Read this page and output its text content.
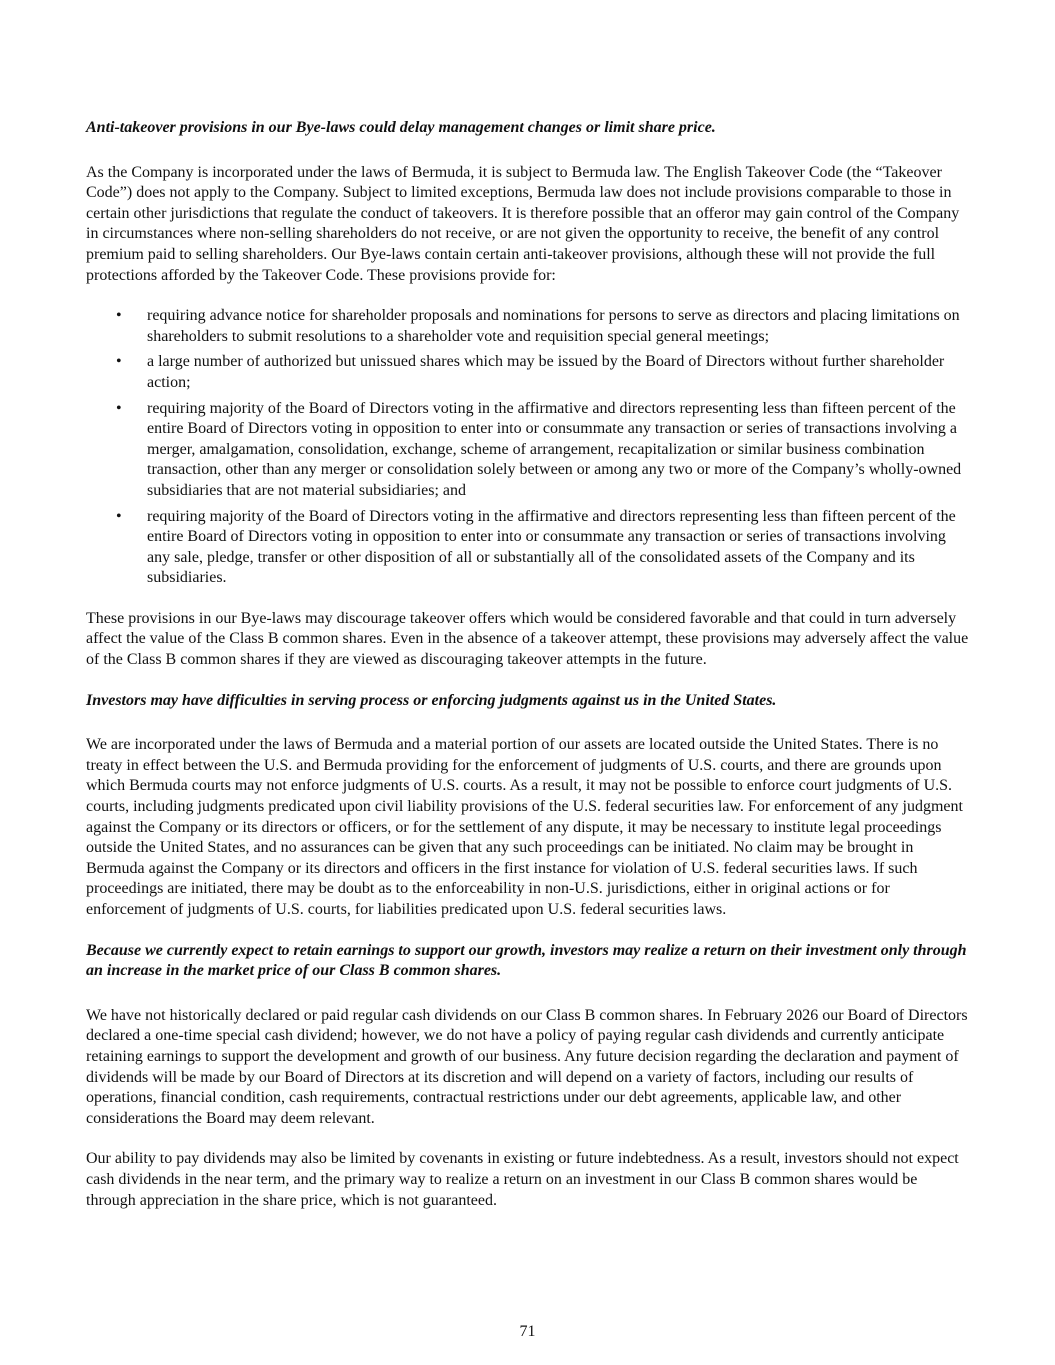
Anti-takeover provisions in our Bye-laws could delay management changes or limit share price.

As the Company is incorporated under the laws of Bermuda, it is subject to Bermuda law. The English Takeover Code (the “Takeover Code”) does not apply to the Company. Subject to limited exceptions, Bermuda law does not include provisions comparable to those in certain other jurisdictions that regulate the conduct of takeovers. It is therefore possible that an offeror may gain control of the Company in circumstances where non-selling shareholders do not receive, or are not given the opportunity to receive, the benefit of any control premium paid to selling shareholders. Our Bye-laws contain certain anti-takeover provisions, although these will not provide the full protections afforded by the Takeover Code. These provisions provide for:

• requiring advance notice for shareholder proposals and nominations for persons to serve as directors and placing limitations on shareholders to submit resolutions to a shareholder vote and requisition special general meetings;
• a large number of authorized but unissued shares which may be issued by the Board of Directors without further shareholder action;
• requiring majority of the Board of Directors voting in the affirmative and directors representing less than fifteen percent of the entire Board of Directors voting in opposition to enter into or consummate any transaction or series of transactions involving a merger, amalgamation, consolidation, exchange, scheme of arrangement, recapitalization or similar business combination transaction, other than any merger or consolidation solely between or among any two or more of the Company’s wholly-owned subsidiaries that are not material subsidiaries; and
• requiring majority of the Board of Directors voting in the affirmative and directors representing less than fifteen percent of the entire Board of Directors voting in opposition to enter into or consummate any transaction or series of transactions involving any sale, pledge, transfer or other disposition of all or substantially all of the consolidated assets of the Company and its subsidiaries.

These provisions in our Bye-laws may discourage takeover offers which would be considered favorable and that could in turn adversely affect the value of the Class B common shares. Even in the absence of a takeover attempt, these provisions may adversely affect the value of the Class B common shares if they are viewed as discouraging takeover attempts in the future.

Investors may have difficulties in serving process or enforcing judgments against us in the United States.

We are incorporated under the laws of Bermuda and a material portion of our assets are located outside the United States. There is no treaty in effect between the U.S. and Bermuda providing for the enforcement of judgments of U.S. courts, and there are grounds upon which Bermuda courts may not enforce judgments of U.S. courts. As a result, it may not be possible to enforce court judgments of U.S. courts, including judgments predicated upon civil liability provisions of the U.S. federal securities law. For enforcement of any judgment against the Company or its directors or officers, or for the settlement of any dispute, it may be necessary to institute legal proceedings outside the United States, and no assurances can be given that any such proceedings can be initiated. No claim may be brought in Bermuda against the Company or its directors and officers in the first instance for violation of U.S. federal securities laws. If such proceedings are initiated, there may be doubt as to the enforceability in non-U.S. jurisdictions, either in original actions or for enforcement of judgments of U.S. courts, for liabilities predicated upon U.S. federal securities laws.

Because we currently expect to retain earnings to support our growth, investors may realize a return on their investment only through an increase in the market price of our Class B common shares.

We have not historically declared or paid regular cash dividends on our Class B common shares. In February 2026 our Board of Directors declared a one-time special cash dividend; however, we do not have a policy of paying regular cash dividends and currently anticipate retaining earnings to support the development and growth of our business. Any future decision regarding the declaration and payment of dividends will be made by our Board of Directors at its discretion and will depend on a variety of factors, including our results of operations, financial condition, cash requirements, contractual restrictions under our debt agreements, applicable law, and other considerations the Board may deem relevant.

Our ability to pay dividends may also be limited by covenants in existing or future indebtedness. As a result, investors should not expect cash dividends in the near term, and the primary way to realize a return on an investment in our Class B common shares would be through appreciation in the share price, which is not guaranteed.

71
